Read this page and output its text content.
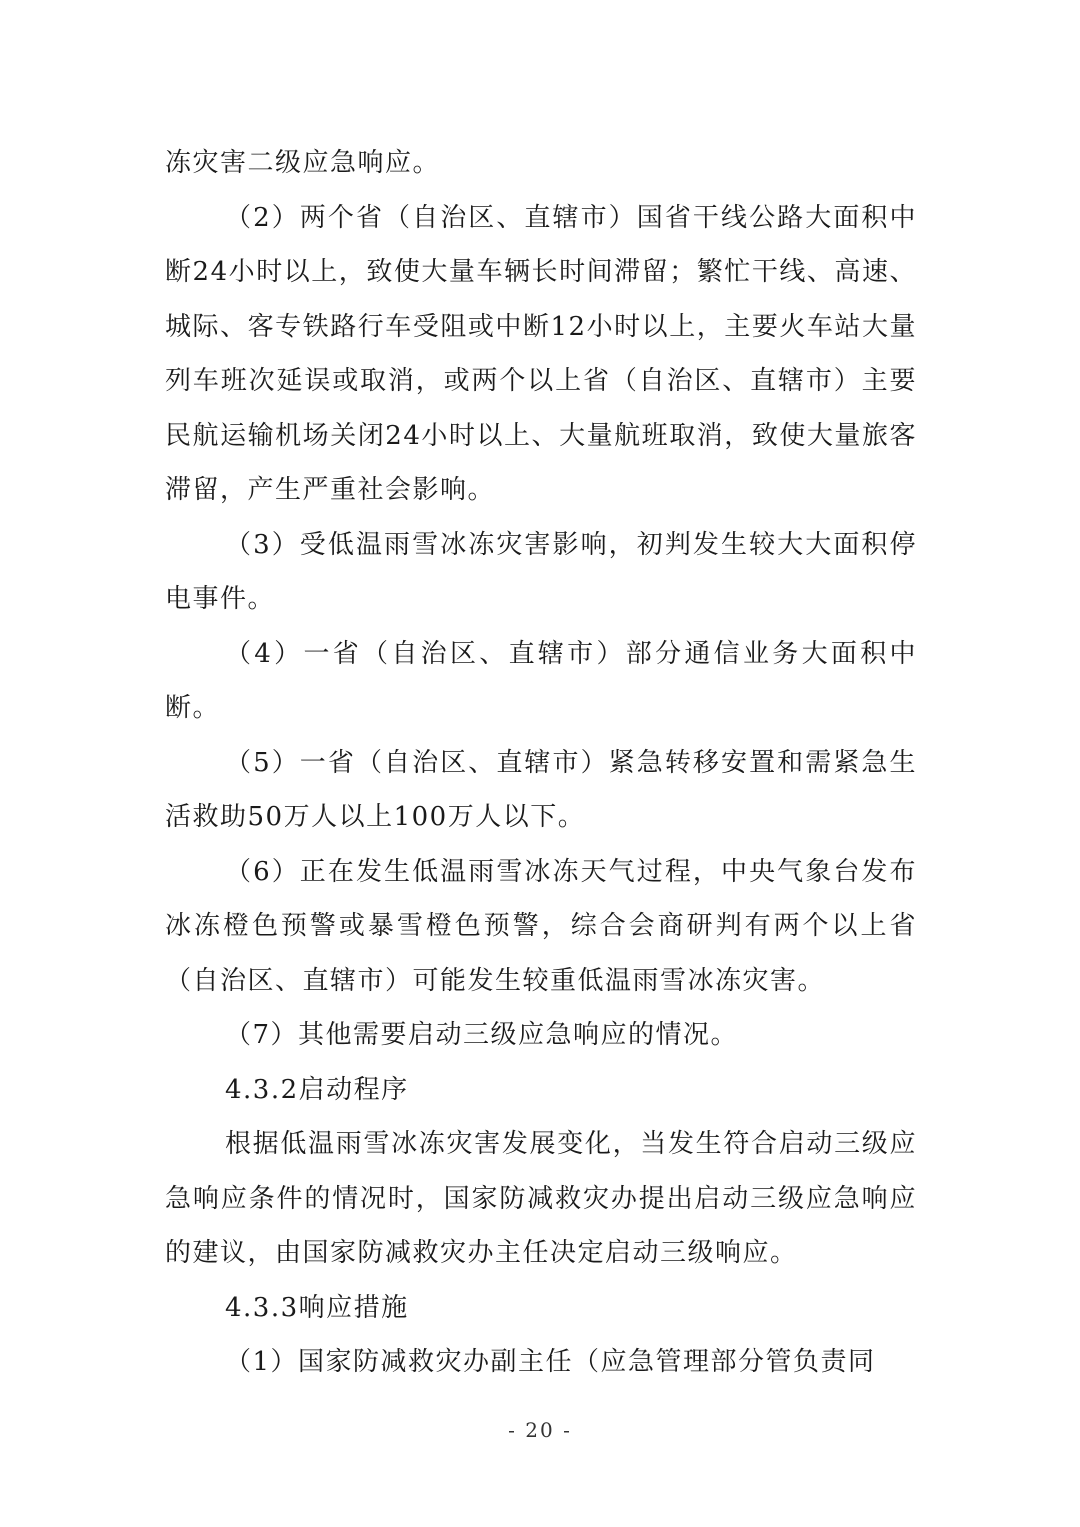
冻灾害二级应急响应。

（2）两个省（自治区、直辖市）国省干线公路大面积中断24小时以上，致使大量车辆长时间滞留；繁忙干线、高速、城际、客专铁路行车受阻或中断12小时以上，主要火车站大量列车班次延误或取消，或两个以上省（自治区、直辖市）主要民航运输机场关闭24小时以上、大量航班取消，致使大量旅客滞留，产生严重社会影响。

（3）受低温雨雪冰冻灾害影响，初判发生较大大面积停电事件。

（4）一省（自治区、直辖市）部分通信业务大面积中断。

（5）一省（自治区、直辖市）紧急转移安置和需紧急生活救助50万人以上100万人以下。

（6）正在发生低温雨雪冰冻天气过程，中央气象台发布冰冻橙色预警或暴雪橙色预警，综合会商研判有两个以上省（自治区、直辖市）可能发生较重低温雨雪冰冻灾害。

（7）其他需要启动三级应急响应的情况。

4.3.2启动程序

根据低温雨雪冰冻灾害发展变化，当发生符合启动三级应急响应条件的情况时，国家防减救灾办提出启动三级应急响应的建议，由国家防减救灾办主任决定启动三级响应。

4.3.3响应措施

（1）国家防减救灾办副主任（应急管理部分管负责同

- 20 -
